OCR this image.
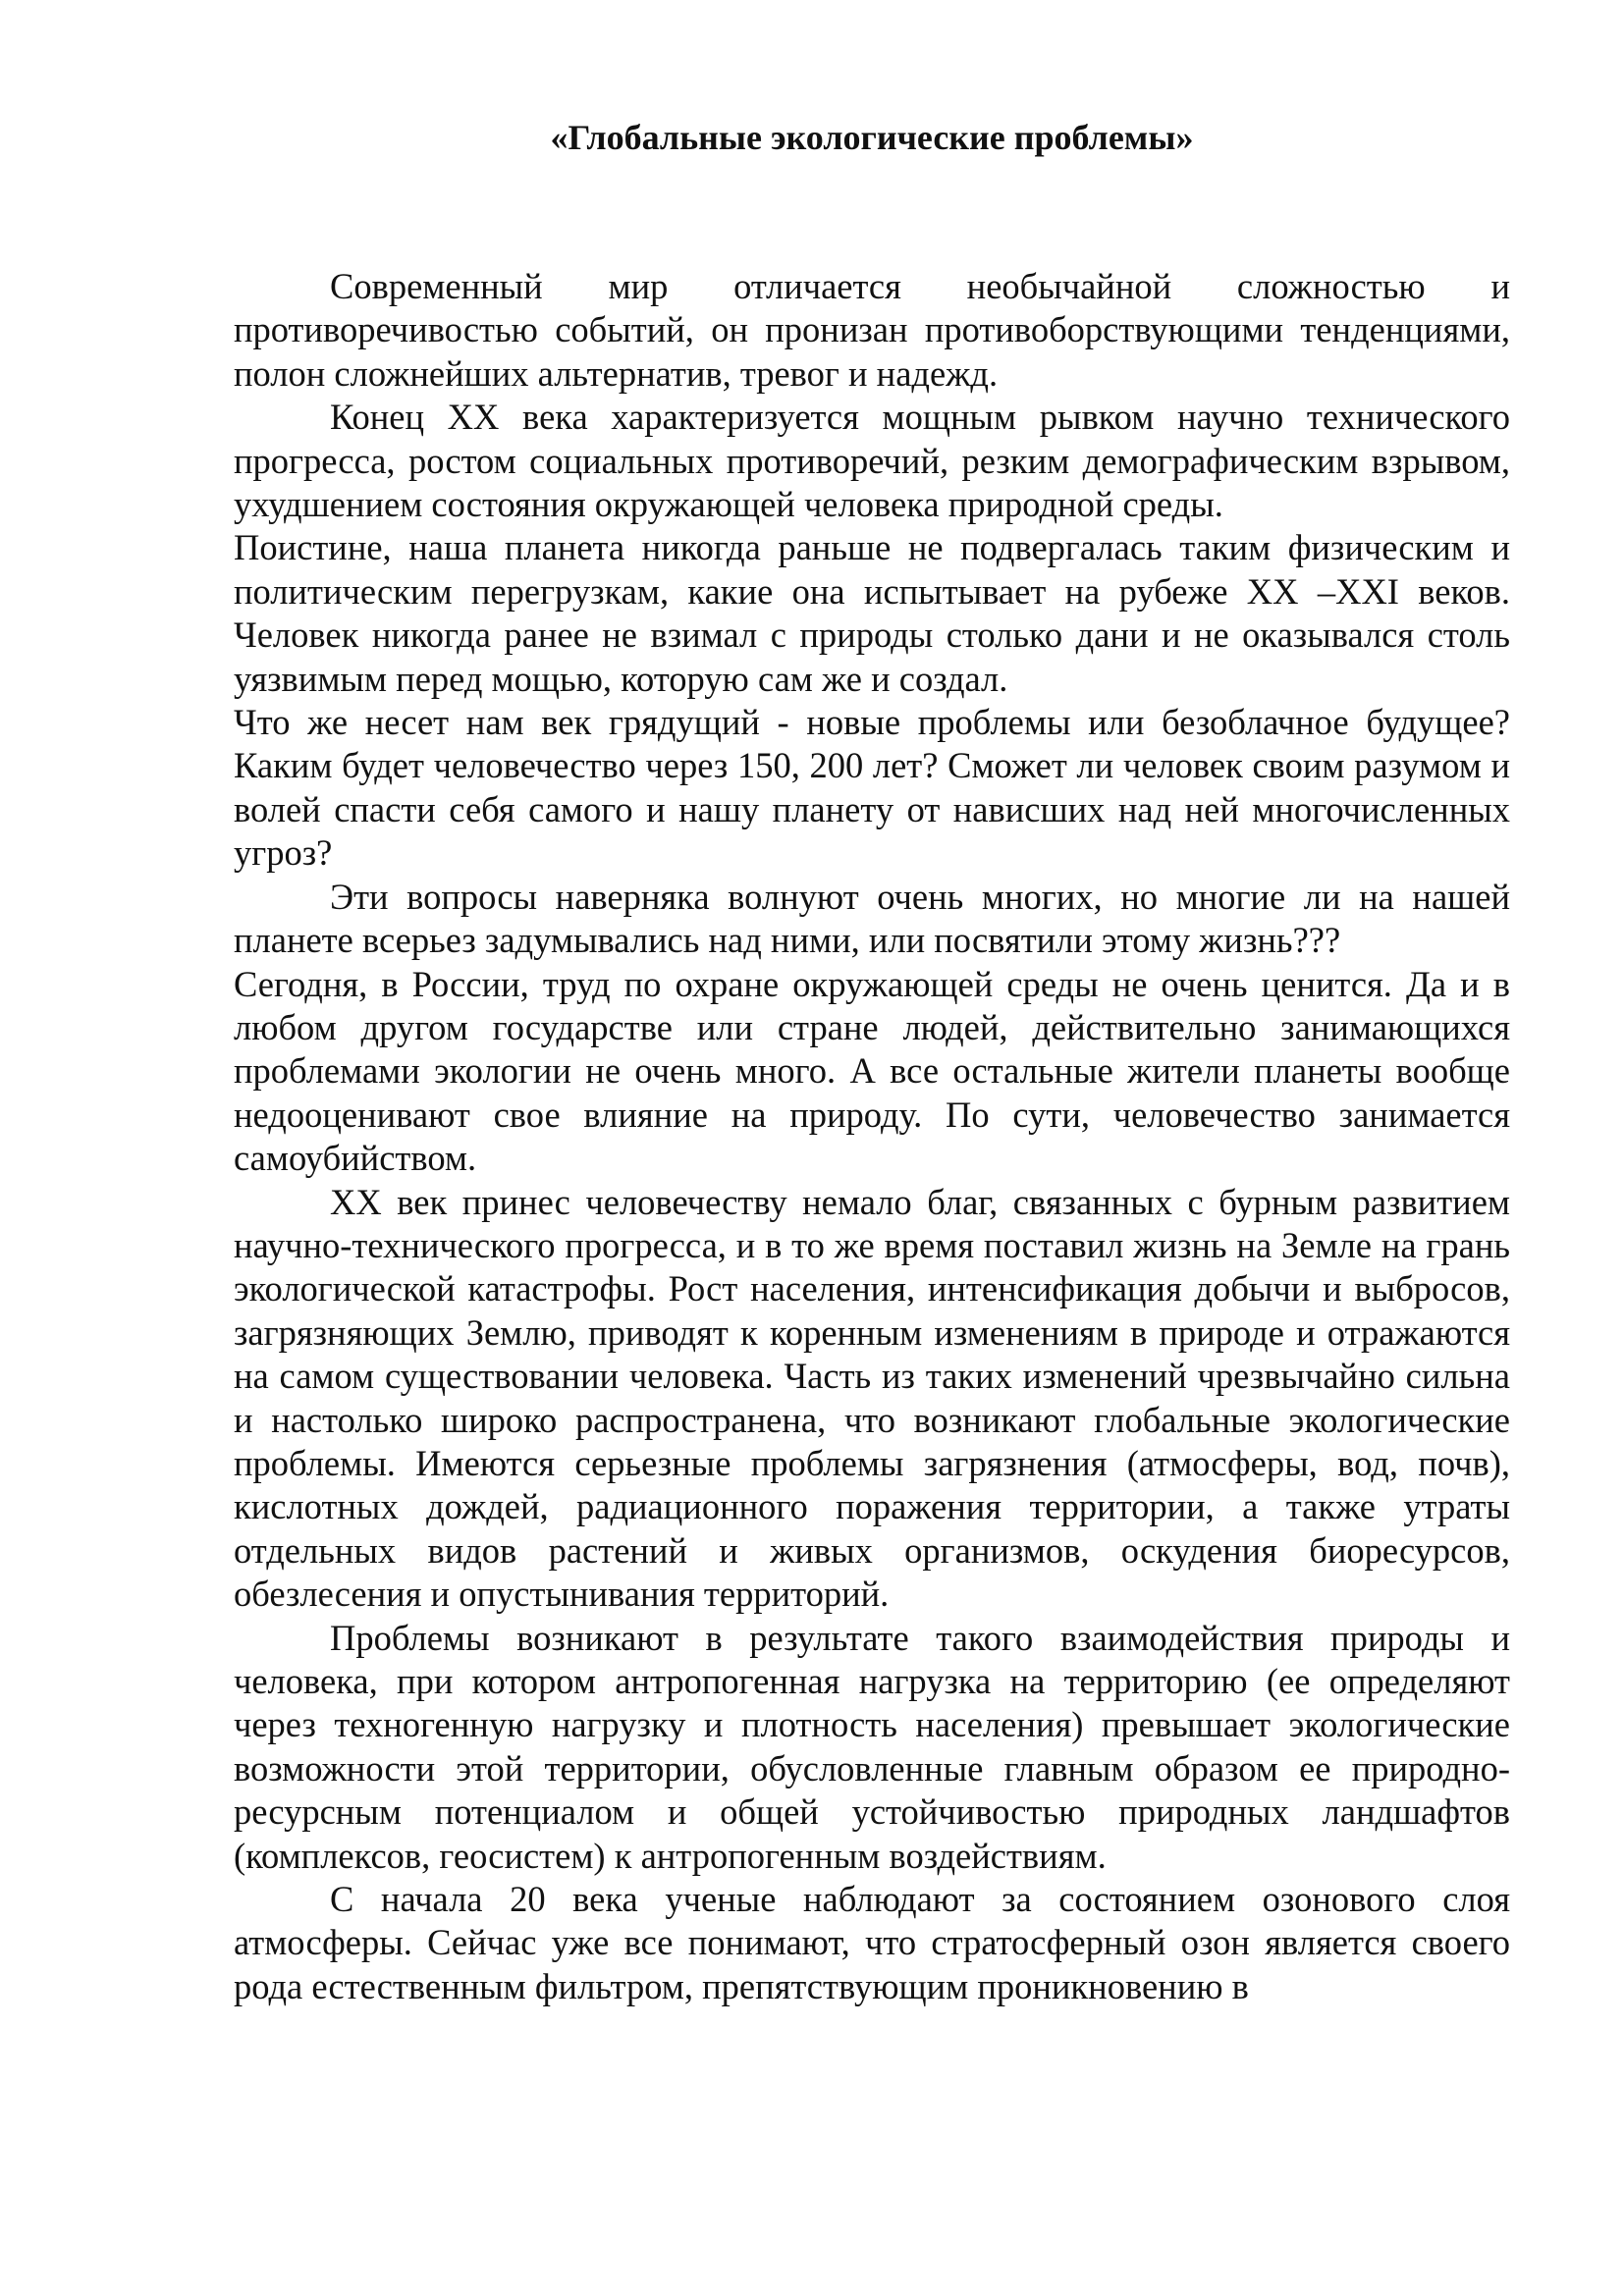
«Глобальные экологические проблемы»

Современный мир отличается необычайной сложностью и противоречивостью событий, он пронизан противоборствующими тенденциями, полон сложнейших альтернатив, тревог и надежд.

Конец XX века характеризуется мощным рывком научно технического прогресса, ростом социальных противоречий, резким демографическим взрывом, ухудшением состояния окружающей человека природной среды.

Поистине, наша планета никогда раньше не подвергалась таким физическим и политическим перегрузкам, какие она испытывает на рубеже XX –XXI веков. Человек никогда ранее не взимал с природы столько дани и не оказывался столь уязвимым перед мощью, которую сам же и создал.

Что же несет нам век грядущий - новые проблемы или безоблачное будущее? Каким будет человечество через 150, 200 лет? Сможет ли человек своим разумом и волей спасти себя самого и нашу планету от нависших над ней многочисленных угроз?

Эти вопросы наверняка волнуют очень многих, но многие ли на нашей планете всерьез задумывались над ними, или посвятили этому жизнь???

Сегодня, в России, труд по охране окружающей среды не очень ценится. Да и в любом другом государстве или стране людей, действительно занимающихся проблемами экологии не очень много. А все остальные жители планеты вообще недооценивают свое влияние на природу. По сути, человечество занимается самоубийством.

XX век принес человечеству немало благ, связанных с бурным развитием научно-технического прогресса, и в то же время поставил жизнь на Земле на грань экологической катастрофы. Рост населения, интенсификация добычи и выбросов, загрязняющих Землю, приводят к коренным изменениям в природе и отражаются на самом существовании человека. Часть из таких изменений чрезвычайно сильна и настолько широко распространена, что возникают глобальные экологические проблемы. Имеются серьезные проблемы загрязнения (атмосферы, вод, почв), кислотных дождей, радиационного поражения территории, а также утраты отдельных видов растений и живых организмов, оскудения биоресурсов, обезлесения и опустынивания территорий.

Проблемы возникают в результате такого взаимодействия природы и человека, при котором антропогенная нагрузка на территорию (ее определяют через техногенную нагрузку и плотность населения) превышает экологические возможности этой территории, обусловленные главным образом ее природно-ресурсным потенциалом и общей устойчивостью природных ландшафтов (комплексов, геосистем) к антропогенным воздействиям.

С начала 20 века ученые наблюдают за состоянием озонового слоя атмосферы. Сейчас уже все понимают, что стратосферный озон является своего рода естественным фильтром, препятствующим проникновению в
